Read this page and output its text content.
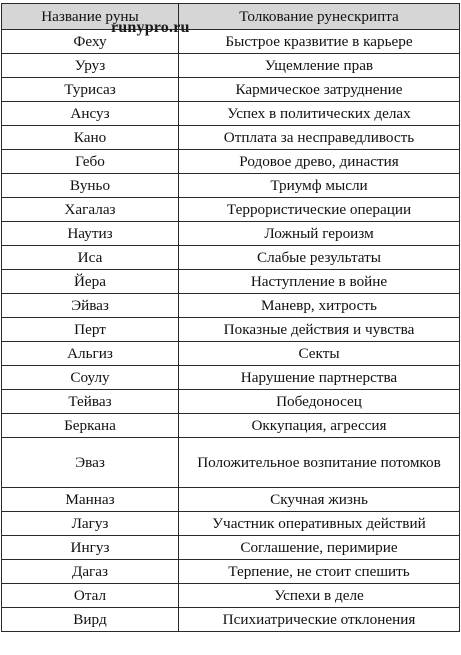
Название руны	Толкование рунескрипта
Феху	Быстрое кразвитие в карьере
Уруз	Ущемление прав
Турисаз	Кармическое затруднение
Ансуз	Успех в политических делах
Кано	Отплата за несправедливость
Гебо	Родовое древо, династия
Вуньо	Триумф мысли
Хагалаз	Террористические операции
Наутиз	Ложный героизм
Иса	Слабые результаты
Йера	Наступление в войне
Эйваз	Маневр, хитрость
Перт	Показные действия и чувства
Альгиз	Секты
Соулу	Нарушение партнерства
Тейваз	Победоносец
Беркана	Оккупация, агрессия
Эваз	Положительное возпитание потомков
Манназ	Скучная жизнь
Лагуз	Участник оперативных действий
Ингуз	Соглашение, перимирие
Дагаз	Терпение, не стоит спешить
Отал	Успехи в деле
Вирд	Психиатрические отклонения
runypro.ru
